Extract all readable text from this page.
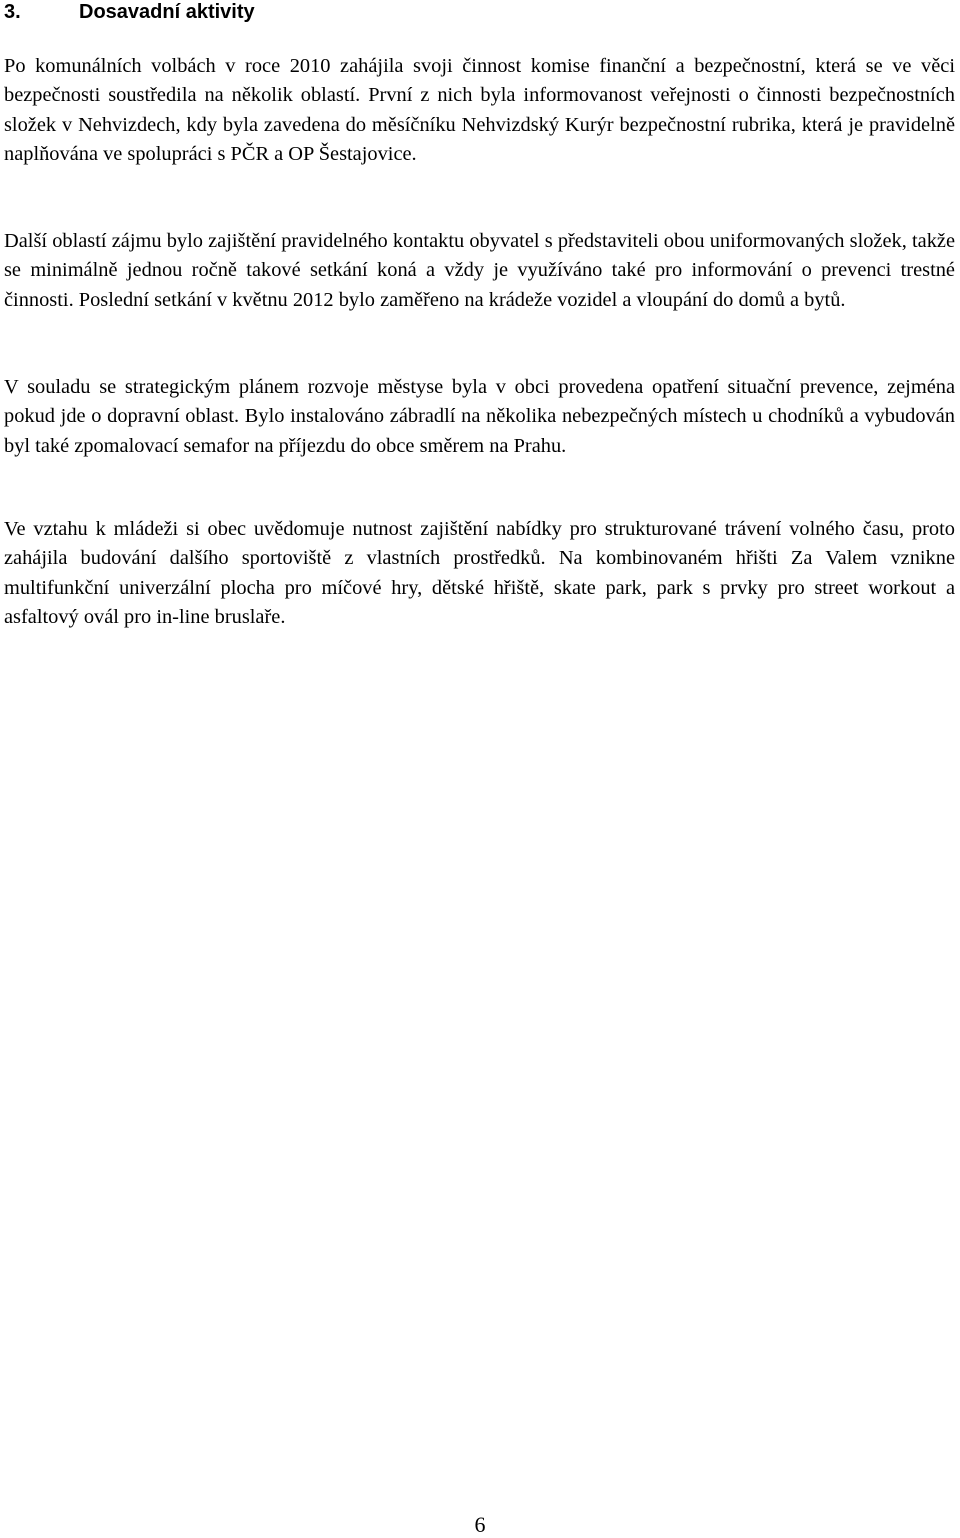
3.	Dosavadní aktivity

Po komunálních volbách v roce 2010 zahájila svoji činnost komise finanční a bezpečnostní, která se ve věci bezpečnosti soustředila na několik oblastí. První z nich byla informovanost veřejnosti o činnosti bezpečnostních složek v Nehvizdech, kdy byla zavedena do měsíčníku Nehvizdský Kurýr bezpečnostní rubrika, která je pravidelně naplňována ve spolupráci s PČR a OP Šestajovice.

Další oblastí zájmu bylo zajištění pravidelného kontaktu obyvatel s představiteli obou uniformovaných složek, takže se minimálně jednou ročně takové setkání koná a vždy je využíváno také pro informování o prevenci trestné činnosti. Poslední setkání v květnu 2012 bylo zaměřeno na krádeže vozidel a vloupání do domů a bytů.

V souladu se strategickým plánem rozvoje městyse byla v obci provedena opatření situační prevence, zejména pokud jde o dopravní oblast. Bylo instalováno zábradlí na několika nebezpečných místech u chodníků a vybudován byl také zpomalovací semafor na příjezdu do obce směrem na Prahu.

Ve vztahu k mládeži si obec uvědomuje nutnost zajištění nabídky pro strukturované trávení volného času, proto zahájila budování dalšího sportoviště z vlastních prostředků. Na kombinovaném hřišti Za Valem vznikne multifunkční univerzální plocha pro míčové hry, dětské hřiště, skate park, park s prvky pro street workout a asfaltový ovál pro in-line bruslaře.

6
